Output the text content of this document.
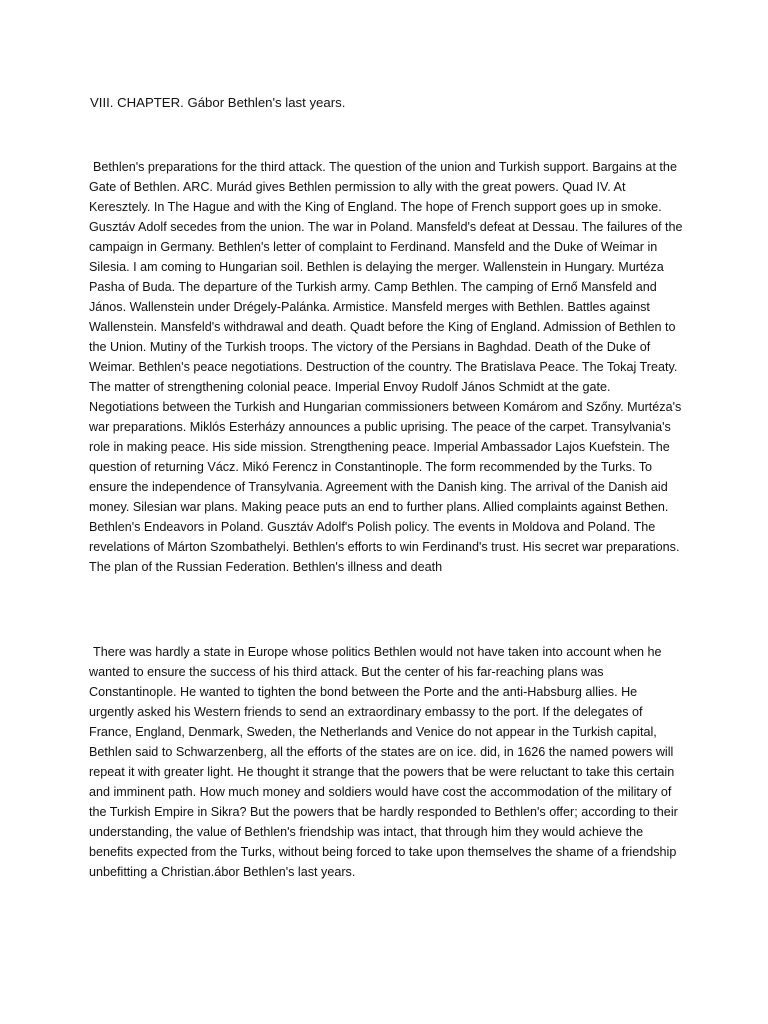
VIII. CHAPTER. Gábor Bethlen's last years.

Bethlen's preparations for the third attack. The question of the union and Turkish support. Bargains at the Gate of Bethlen. ARC. Murád gives Bethlen permission to ally with the great powers. Quad IV. At Keresztely. In The Hague and with the King of England. The hope of French support goes up in smoke. Gusztáv Adolf secedes from the union. The war in Poland. Mansfeld's defeat at Dessau. The failures of the campaign in Germany. Bethlen's letter of complaint to Ferdinand. Mansfeld and the Duke of Weimar in Silesia. I am coming to Hungarian soil. Bethlen is delaying the merger. Wallenstein in Hungary. Murtéza Pasha of Buda. The departure of the Turkish army. Camp Bethlen. The camping of Ernő Mansfeld and János. Wallenstein under Drégely-Palánka. Armistice. Mansfeld merges with Bethlen. Battles against Wallenstein. Mansfeld's withdrawal and death. Quadt before the King of England. Admission of Bethlen to the Union. Mutiny of the Turkish troops. The victory of the Persians in Baghdad. Death of the Duke of Weimar. Bethlen's peace negotiations. Destruction of the country. The Bratislava Peace. The Tokaj Treaty. The matter of strengthening colonial peace. Imperial Envoy Rudolf János Schmidt at the gate. Negotiations between the Turkish and Hungarian commissioners between Komárom and Szőny. Murtéza's war preparations. Miklós Esterházy announces a public uprising. The peace of the carpet. Transylvania's role in making peace. His side mission. Strengthening peace. Imperial Ambassador Lajos Kuefstein. The question of returning Vácz. Mikó Ferencz in Constantinople. The form recommended by the Turks. To ensure the independence of Transylvania. Agreement with the Danish king. The arrival of the Danish aid money. Silesian war plans. Making peace puts an end to further plans. Allied complaints against Bethen. Bethlen's Endeavors in Poland. Gusztáv Adolf's Polish policy. The events in Moldova and Poland. The revelations of Márton Szombathelyi. Bethlen's efforts to win Ferdinand's trust. His secret war preparations. The plan of the Russian Federation. Bethlen's illness and death

There was hardly a state in Europe whose politics Bethlen would not have taken into account when he wanted to ensure the success of his third attack. But the center of his far-reaching plans was Constantinople. He wanted to tighten the bond between the Porte and the anti-Habsburg allies. He urgently asked his Western friends to send an extraordinary embassy to the port. If the delegates of France, England, Denmark, Sweden, the Netherlands and Venice do not appear in the Turkish capital, Bethlen said to Schwarzenberg, all the efforts of the states are on ice. did, in 1626 the named powers will repeat it with greater light. He thought it strange that the powers that be were reluctant to take this certain and imminent path. How much money and soldiers would have cost the accommodation of the military of the Turkish Empire in Sikra? But the powers that be hardly responded to Bethlen's offer; according to their understanding, the value of Bethlen's friendship was intact, that through him they would achieve the benefits expected from the Turks, without being forced to take upon themselves the shame of a friendship unbefitting a Christian.ábor Bethlen's last years.
